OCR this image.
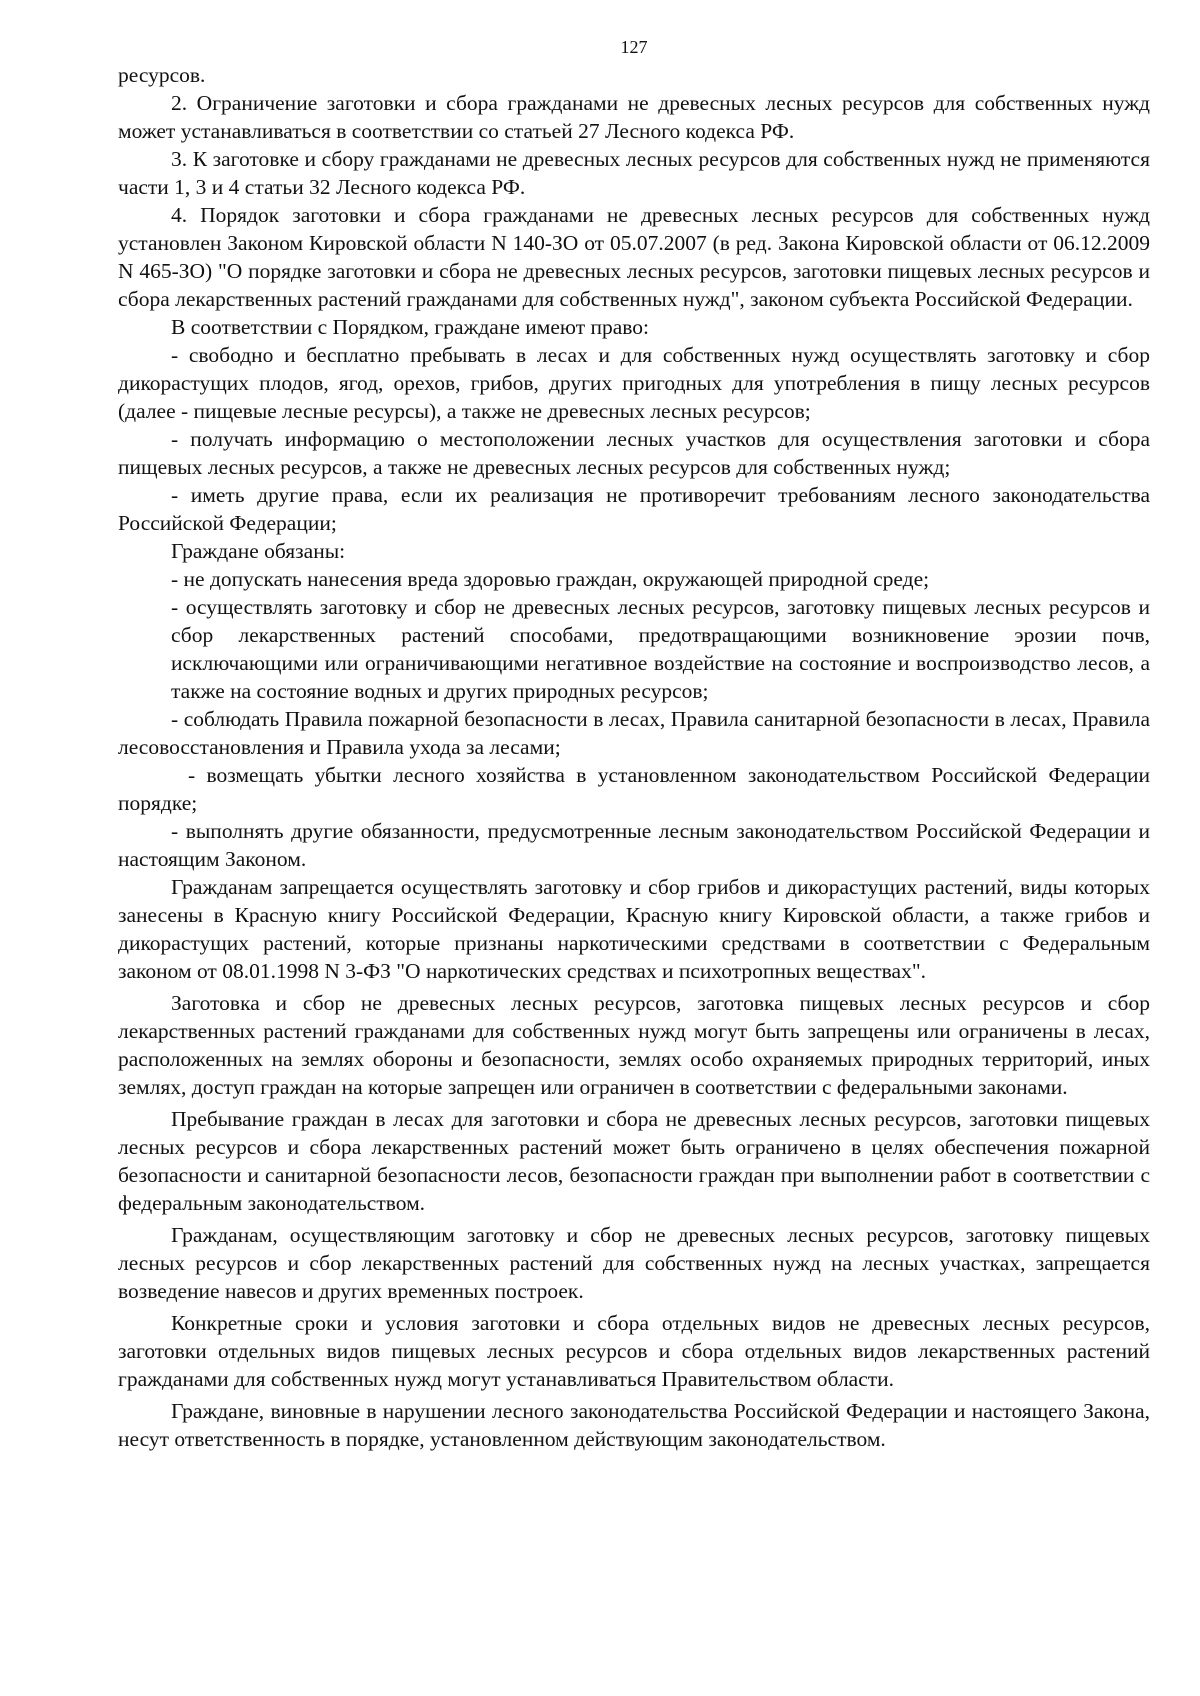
127

ресурсов.

2. Ограничение заготовки и сбора гражданами не древесных лесных ресурсов для собственных нужд может устанавливаться в соответствии со статьей 27 Лесного кодекса РФ.

3. К заготовке и сбору гражданами не древесных лесных ресурсов для собственных нужд не применяются части 1, 3 и 4 статьи 32 Лесного кодекса РФ.

4. Порядок заготовки и сбора гражданами не древесных лесных ресурсов для собственных нужд установлен Законом Кировской области N 140-ЗО от 05.07.2007 (в ред. Закона Кировской области от 06.12.2009 N 465-ЗО) "О порядке заготовки и сбора не древесных лесных ресурсов, заготовки пищевых лесных ресурсов и сбора лекарственных растений гражданами для собственных нужд", законом субъекта Российской Федерации.

В соответствии с Порядком, граждане имеют право:

- свободно и бесплатно пребывать в лесах и для собственных нужд осуществлять заготовку и сбор дикорастущих плодов, ягод, орехов, грибов, других пригодных для употребления в пищу лесных ресурсов (далее - пищевые лесные ресурсы), а также не древесных лесных ресурсов;

- получать информацию о местоположении лесных участков для осуществления заготовки и сбора пищевых лесных ресурсов, а также не древесных лесных ресурсов для собственных нужд;

- иметь другие права, если их реализация не противоречит требованиям лесного законодательства Российской Федерации;

Граждане обязаны:

- не допускать нанесения вреда здоровью граждан, окружающей природной среде;

- осуществлять заготовку и сбор не древесных лесных ресурсов, заготовку пищевых лесных ресурсов и сбор лекарственных растений способами, предотвращающими возникновение эрозии почв, исключающими или ограничивающими негативное воздействие на состояние и воспроизводство лесов, а также на состояние водных и других природных ресурсов;

- соблюдать Правила пожарной безопасности в лесах, Правила санитарной безопасности в лесах, Правила лесовосстановления и Правила ухода за лесами;

- возмещать убытки лесного хозяйства в установленном законодательством Российской Федерации порядке;

- выполнять другие обязанности, предусмотренные лесным законодательством Российской Федерации и настоящим Законом.

Гражданам запрещается осуществлять заготовку и сбор грибов и дикорастущих растений, виды которых занесены в Красную книгу Российской Федерации, Красную книгу Кировской области, а также грибов и дикорастущих растений, которые признаны наркотическими средствами в соответствии с Федеральным законом от 08.01.1998 N 3-ФЗ "О наркотических средствах и психотропных веществах".

Заготовка и сбор не древесных лесных ресурсов, заготовка пищевых лесных ресурсов и сбор лекарственных растений гражданами для собственных нужд могут быть запрещены или ограничены в лесах, расположенных на землях обороны и безопасности, землях особо охраняемых природных территорий, иных землях, доступ граждан на которые запрещен или ограничен в соответствии с федеральными законами.

Пребывание граждан в лесах для заготовки и сбора не древесных лесных ресурсов, заготовки пищевых лесных ресурсов и сбора лекарственных растений может быть ограничено в целях обеспечения пожарной безопасности и санитарной безопасности лесов, безопасности граждан при выполнении работ в соответствии с федеральным законодательством.

Гражданам, осуществляющим заготовку и сбор не древесных лесных ресурсов, заготовку пищевых лесных ресурсов и сбор лекарственных растений для собственных нужд на лесных участках, запрещается возведение навесов и других временных построек.

Конкретные сроки и условия заготовки и сбора отдельных видов не древесных лесных ресурсов, заготовки отдельных видов пищевых лесных ресурсов и сбора отдельных видов лекарственных растений гражданами для собственных нужд могут устанавливаться Правительством области.

Граждане, виновные в нарушении лесного законодательства Российской Федерации и настоящего Закона, несут ответственность в порядке, установленном действующим законодательством.
